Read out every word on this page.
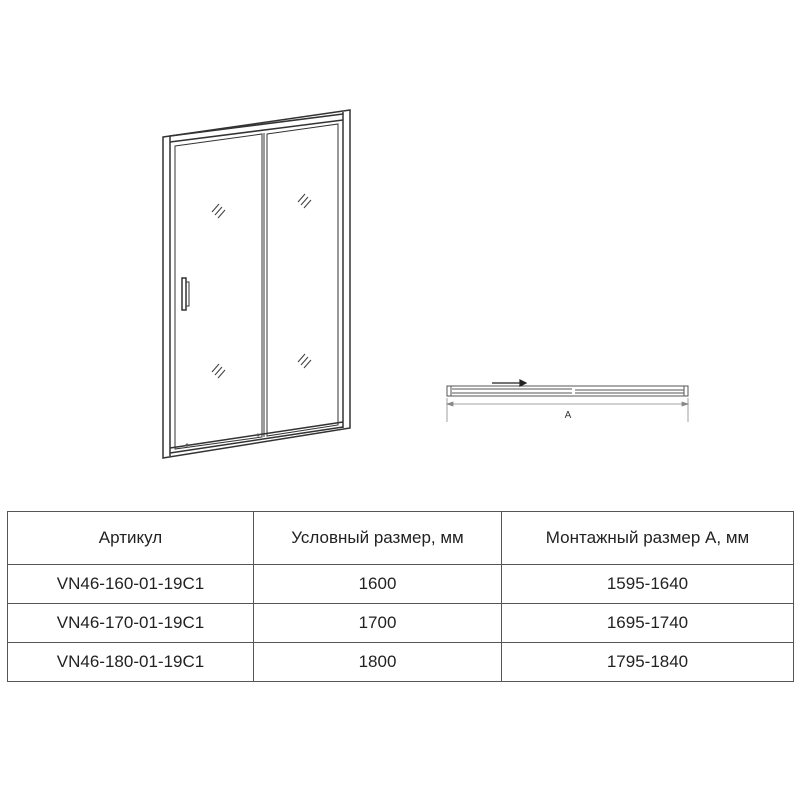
A
Артикул	Условный размер, мм	Монтажный размер А, мм
VN46-160-01-19C1	1600	1595-1640
VN46-170-01-19C1	1700	1695-1740
VN46-180-01-19C1	1800	1795-1840
